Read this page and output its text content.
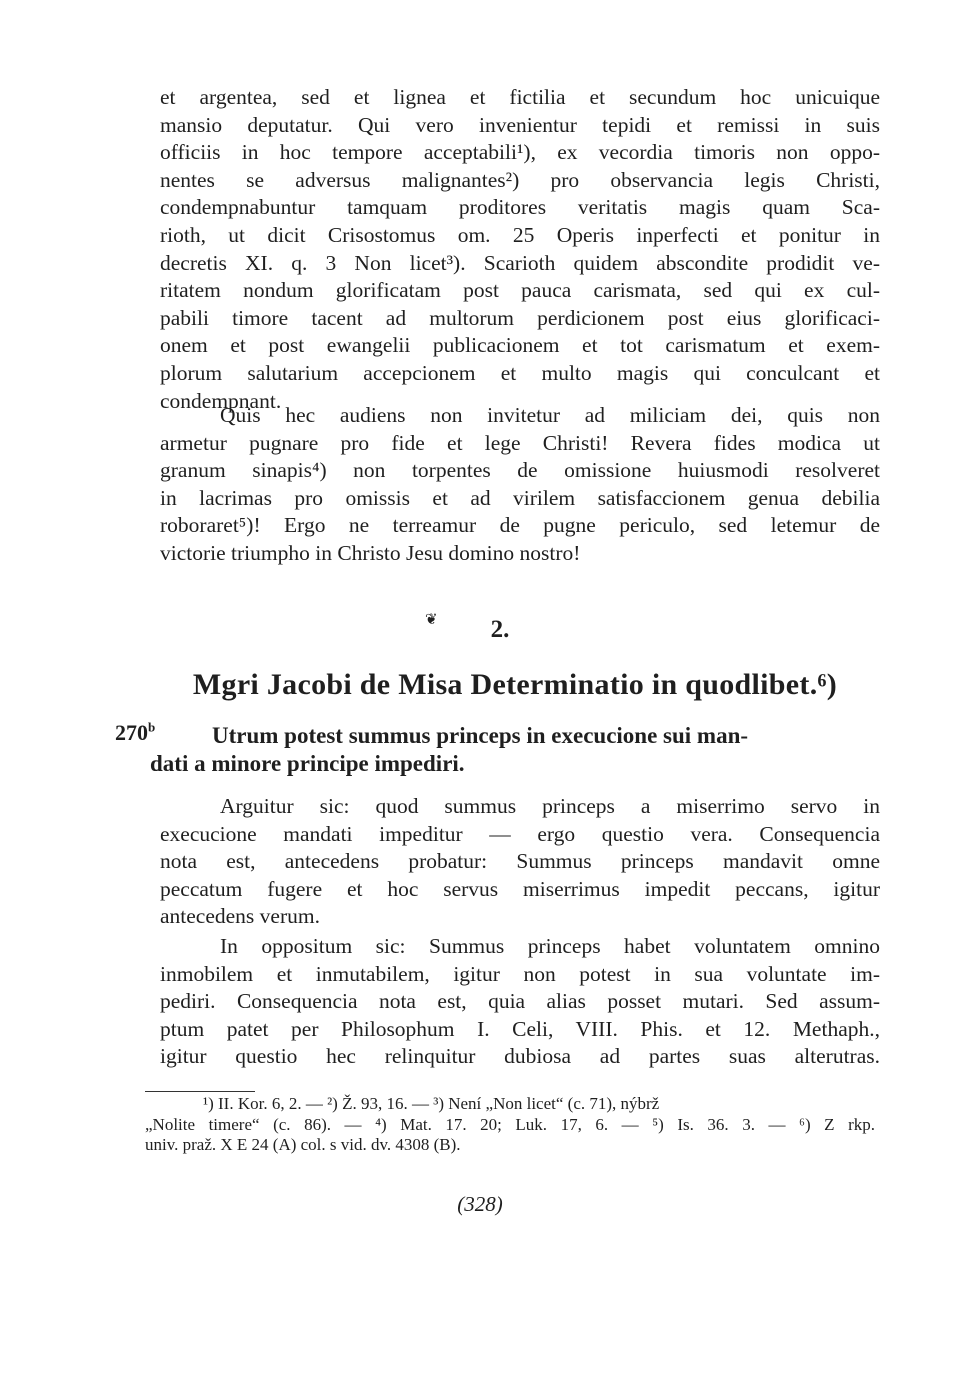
et argentea, sed et lignea et fictilia et secundum hoc unicuique
mansio deputatur. Qui vero invenientur tepidi et remissi in suis
officiis in hoc tempore acceptabili¹), ex vecordia timoris non oppo-
nentes se adversus malignantes²) pro observancia legis Christi,
condempnabuntur tamquam proditores veritatis magis quam Sca-
rioth, ut dicit Crisostomus om. 25 Operis inperfecti et ponitur in
decretis XI. q. 3 Non licet³). Scarioth quidem abscondite prodidit ve-
ritatem nondum glorificatam post pauca carismata, sed qui ex cul-
pabili timore tacent ad multorum perdicionem post eius glorificaci-
onem et post ewangelii publicacionem et tot carismatum et exem-
plorum salutarium accepcionem et multo magis qui conculcant et
condempnant.
Quis hec audiens non invitetur ad miliciam dei, quis non
armetur pugnare pro fide et lege Christi! Revera fides modica ut
granum sinapis⁴) non torpentes de omissione huiusmodi resolveret
in lacrimas pro omissis et ad virilem satisfaccionem genua debilia
roboraret⁵)! Ergo ne terreamur de pugne periculo, sed letemur de
victorie triumpho in Christo Jesu domino nostro!
❦	2.
Mgri Jacobi de Misa Determinatio in quodlibet.⁶)
270$^b$	Utrum potest summus princeps in execucione sui man-
dati a minore principe impediri.
Arguitur sic: quod summus princeps a miserrimo servo in
execucione mandati impeditur — ergo questio vera. Consequencia
nota est, antecedens probatur: Summus princeps mandavit omne
peccatum fugere et hoc servus miserrimus impedit peccans, igitur
antecedens verum.
In oppositum sic: Summus princeps habet voluntatem omnino
inmobilem et inmutabilem, igitur non potest in sua voluntate im-
pediri. Consequencia nota est, quia alias posset mutari. Sed assum-
ptum patet per Philosophum I. Celi, VIII. Phis. et 12. Methaph.,
igitur questio hec relinquitur dubiosa ad partes suas alterutras.
¹) II. Kor. 6, 2. — ²) Ž. 93, 16. — ³) Není „Non licet“ (c. 71), nýbrž
„Nolite timere“ (c. 86). — ⁴) Mat. 17. 20; Luk. 17, 6. — ⁵) Is. 36. 3. — ⁶) Z rkp.
univ. praž. X E 24 (A) col. s vid. dv. 4308 (B).
(328)
